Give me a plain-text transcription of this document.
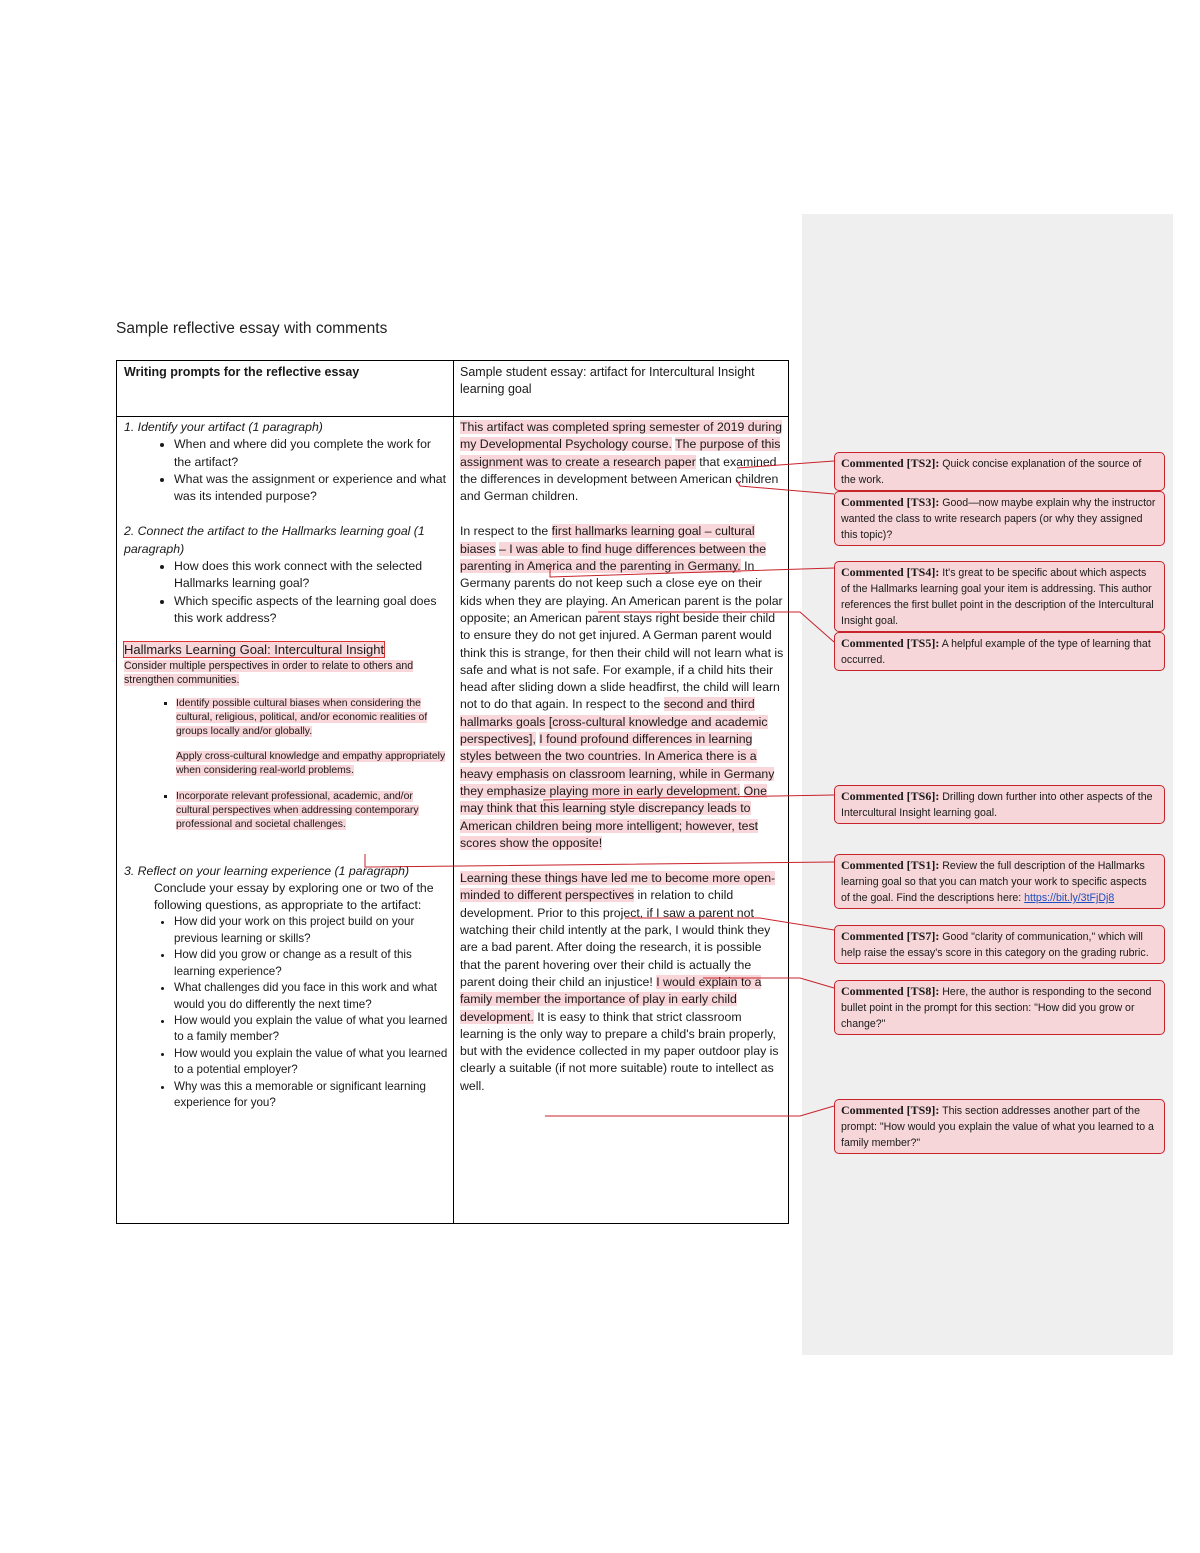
Sample reflective essay with comments
Writing prompts for the reflective essay	Sample student essay: artifact for Intercultural Insight learning goal

1. Identify your artifact (1 paragraph)

• When and where did you complete the work for the artifact?
• What was the assignment or experience and what was its intended purpose?

2. Connect the artifact to the Hallmarks learning goal (1 paragraph)

• How does this work connect with the selected Hallmarks learning goal?
• Which specific aspects of the learning goal does this work address?

Hallmarks Learning Goal: Intercultural Insight

Consider multiple perspectives in order to relate to others and strengthen communities.

▪ Identify possible cultural biases when considering the cultural, religious, political, and/or economic realities of groups locally and/or globally.

Apply cross-cultural knowledge and empathy appropriately when considering real-world problems.

▪ Incorporate relevant professional, academic, and/or cultural perspectives when addressing contemporary professional and societal challenges.

3. Reflect on your learning experience (1 paragraph)

Conclude your essay by exploring one or two of the following questions, as appropriate to the artifact:

• How did your work on this project build on your previous learning or skills?
• How did you grow or change as a result of this learning experience?
• What challenges did you face in this work and what would you do differently the next time?
• How would you explain the value of what you learned to a family member?
• How would you explain the value of what you learned to a potential employer?
• Why was this a memorable or significant learning experience for you?

This artifact was completed spring semester of 2019 during my Developmental Psychology course. The purpose of this assignment was to create a research paper that examined the differences in development between American children and German children.

In respect to the first hallmarks learning goal – cultural biases – I was able to find huge differences between the parenting in America and the parenting in Germany. In Germany parents do not keep such a close eye on their kids when they are playing. An American parent is the polar opposite; an American parent stays right beside their child to ensure they do not get injured. A German parent would think this is strange, for then their child will not learn what is safe and what is not safe. For example, if a child hits their head after sliding down a slide headfirst, the child will learn not to do that again. In respect to the second and third hallmarks goals [cross-cultural knowledge and academic perspectives], I found profound differences in learning styles between the two countries. In America there is a heavy emphasis on classroom learning, while in Germany they emphasize playing more in early development. One may think that this learning style discrepancy leads to American children being more intelligent; however, test scores show the opposite!

Learning these things have led me to become more open-minded to different perspectives in relation to child development. Prior to this project, if I saw a parent not watching their child intently at the park, I would think they are a bad parent. After doing the research, it is possible that the parent hovering over their child is actually the parent doing their child an injustice! I would explain to a family member the importance of play in early child development. It is easy to think that strict classroom learning is the only way to prepare a child's brain properly, but with the evidence collected in my paper outdoor play is clearly a suitable (if not more suitable) route to intellect as well.

Commented [TS2]: Quick concise explanation of the source of the work.
Commented [TS3]: Good—now maybe explain why the instructor wanted the class to write research papers (or why they assigned this topic)?
Commented [TS4]: It's great to be specific about which aspects of the Hallmarks learning goal your item is addressing. This author references the first bullet point in the description of the Intercultural Insight goal.
Commented [TS5]: A helpful example of the type of learning that occurred.
Commented [TS6]: Drilling down further into other aspects of the Intercultural Insight learning goal.
Commented [TS1]: Review the full description of the Hallmarks learning goal so that you can match your work to specific aspects of the goal. Find the descriptions here: https://bit.ly/3tFjDj8
Commented [TS7]: Good "clarity of communication," which will help raise the essay's score in this category on the grading rubric.
Commented [TS8]: Here, the author is responding to the second bullet point in the prompt for this section: "How did you grow or change?"
Commented [TS9]: This section addresses another part of the prompt: "How would you explain the value of what you learned to a family member?"
